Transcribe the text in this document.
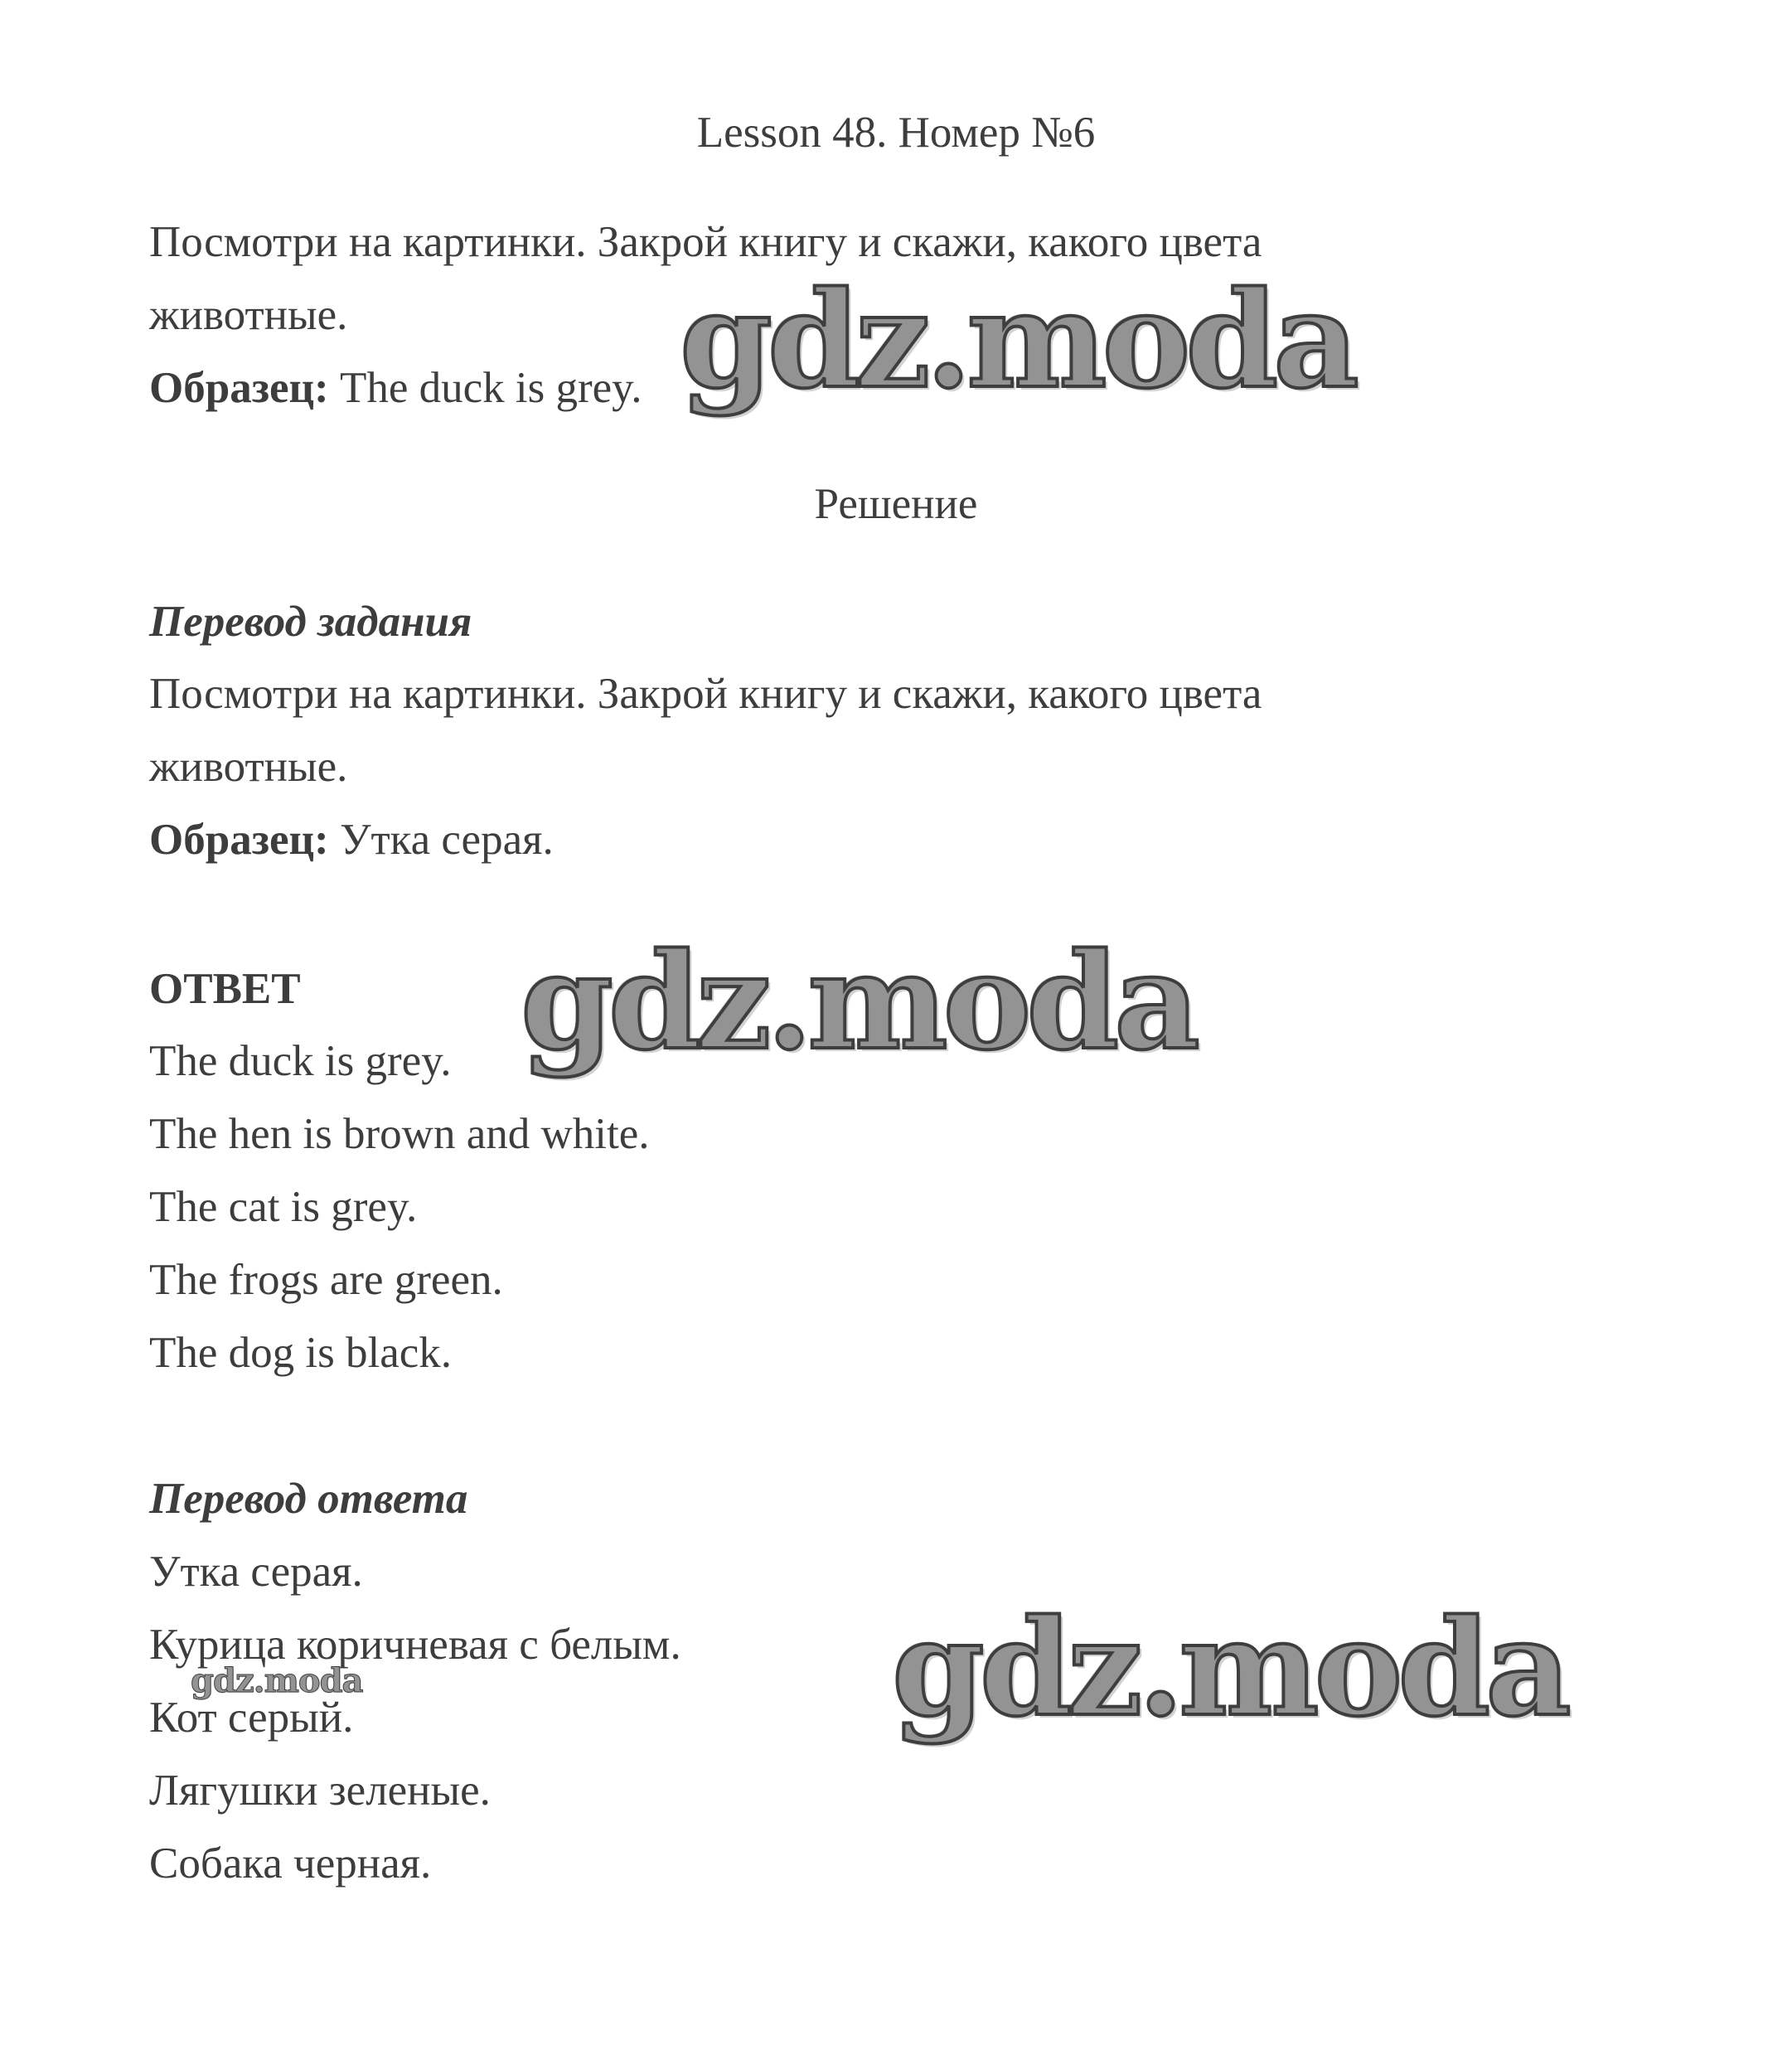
Lesson 48. Номер №6
Посмотри на картинки. Закрой книгу и скажи, какого цвета
животные.
Образец: The duck is grey.
Решение
Перевод задания
Посмотри на картинки. Закрой книгу и скажи, какого цвета
животные.
Образец: Утка серая.
ОТВЕТ
The duck is grey.
The hen is brown and white.
The cat is grey.
The frogs are green.
The dog is black.
Перевод ответа
Утка серая.
Курица коричневая с белым.
Кот серый.
Лягушки зеленые.
Собака черная.
gdz.moda
gdz.moda
gdz.moda
gdz.moda
